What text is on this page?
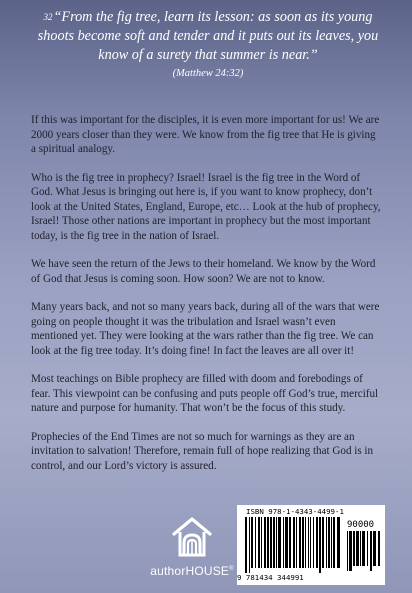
$^{32}$“From the fig tree, learn its lesson: as soon as its young shoots become soft and tender and it puts out its leaves, you know of a surety that summer is near.”

(Matthew 24:32)

If this was important for the disciples, it is even more important for us! We are 2000 years closer than they were. We know from the fig tree that He is giving a spiritual analogy.

Who is the fig tree in prophecy? Israel! Israel is the fig tree in the Word of God. What Jesus is bringing out here is, if you want to know prophecy, don’t look at the United States, England, Europe, etc… Look at the hub of prophecy, Israel! Those other nations are important in prophecy but the most important today, is the fig tree in the nation of Israel.

We have seen the return of the Jews to their homeland. We know by the Word of God that Jesus is coming soon. How soon? We are not to know.

Many years back, and not so many years back, during all of the wars that were going on people thought it was the tribulation and Israel wasn’t even mentioned yet. They were looking at the wars rather than the fig tree. We can look at the fig tree today. It’s doing fine! In fact the leaves are all over it!

Most teachings on Bible prophecy are filled with doom and forebodings of fear. This viewpoint can be confusing and puts people off God’s true, merciful nature and purpose for humanity. That won’t be the focus of this study.

Prophecies of the End Times are not so much for warnings as they are an invitation to salvation! Therefore, remain full of hope realizing that God is in control, and our Lord’s victory is assured.

authorHOUSE®
ISBN 978-1-4343-4499-1
90000
9 781434 344991
